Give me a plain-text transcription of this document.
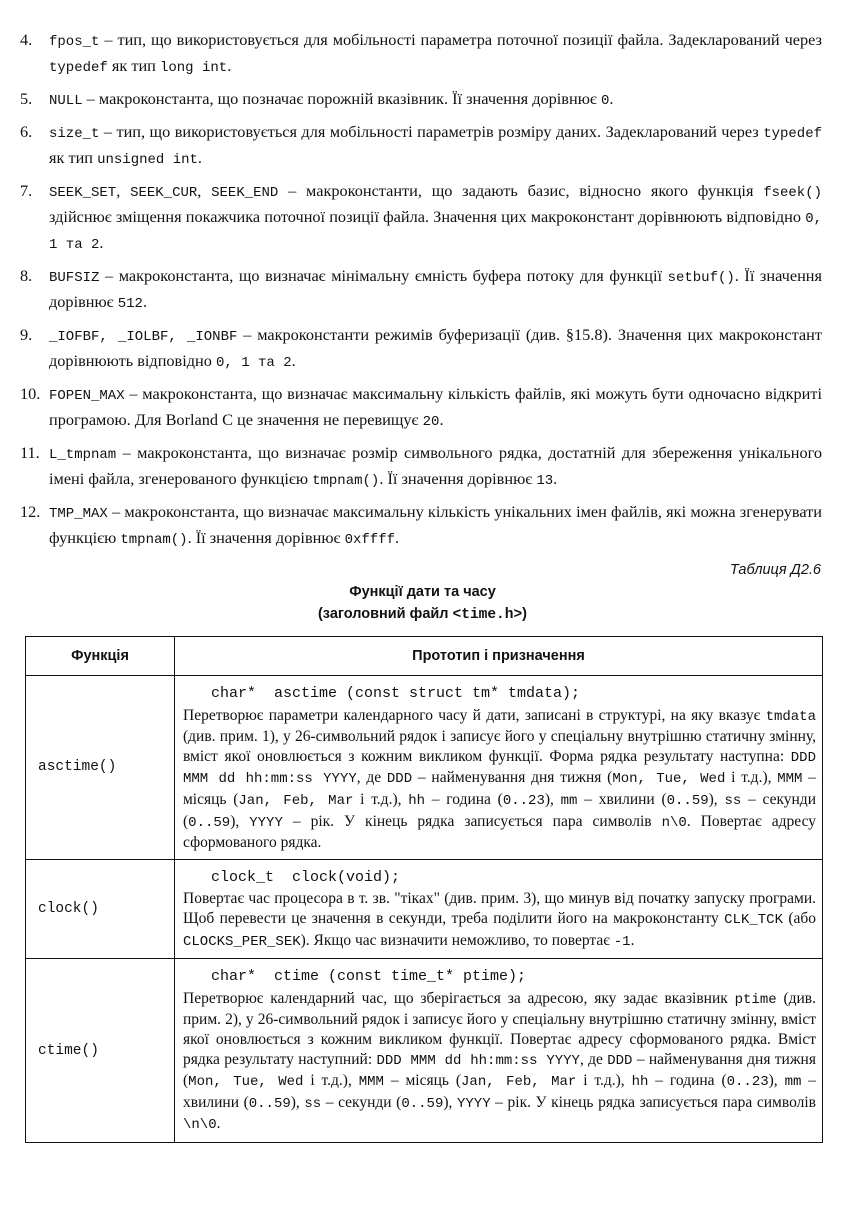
4.	fpos_t – тип, що використовується для мобільності параметра поточної позиції файла. Задекларований через typedef як тип long int.
5.	NULL – макроконстанта, що позначає порожній вказівник. Її значення дорівнює 0.
6.	size_t – тип, що використовується для мобільності параметрів розміру даних. Задекларований через typedef як тип unsigned int.
7.	SEEK_SET, SEEK_CUR, SEEK_END – макроконстанти, що задають базис, відносно якого функція fseek() здійснює зміщення покажчика поточної позиції файла. Значення цих макроконстант дорівнюють відповідно 0, 1 та 2.
8.	BUFSIZ – макроконстанта, що визначає мінімальну ємність буфера потоку для функції setbuf(). Її значення дорівнює 512.
9.	_IOFBF, _IOLBF, _IONBF – макроконстанти режимів буферизації (див. §15.8). Значення цих макроконстант дорівнюють відповідно 0, 1 та 2.
10. FOPEN_MAX – макроконстанта, що визначає максимальну кількість файлів, які можуть бути одночасно відкриті програмою. Для Borland C це значення не перевищує 20.
11. L_tmpnam – макроконстанта, що визначає розмір символьного рядка, достатній для збереження унікального імені файла, згенерованого функцією tmpnam(). Її значення дорівнює 13.
12. TMP_MAX – макроконстанта, що визначає максимальну кількість унікальних імен файлів, які можна згенерувати функцією tmpnam(). Її значення дорівнює 0xffff.
Таблиця Д2.6
Функції дати та часу
(заголовний файл <time.h>)
Функція	Прототип і призначення
asctime()	char*  asctime (const struct tm* tmdata);
Перетворює параметри календарного часу й дати, записані в структурі, на яку вказує tmdata (див. прим. 1), у 26-символьний рядок і записує його у спеціальну внутрішню статичну змінну, вміст якої оновлюється з кожним викликом функції. Форма рядка результату наступна: DDD MMM dd hh:mm:ss YYYY, де DDD – найменування дня тижня (Mon, Tue, Wed і т.д.), MMM – місяць (Jan, Feb, Mar і т.д.), hh – година (0..23), mm – хвилини (0..59), ss – секунди (0..59), YYYY – рік. У кінець рядка записується пара символів n\0. Повертає адресу сформованого рядка.

clock()	clock_t  clock(void);
Повертає час процесора в т. зв. "тіках" (див. прим. 3), що минув від початку запуску програми. Щоб перевести це значення в секунди, треба поділити його на макроконстанту CLK_TCK (або CLOCKS_PER_SEK). Якщо час визначити неможливо, то повертає -1.

ctime()	char*  ctime (const time_t* ptime);
Перетворює календарний час, що зберігається за адресою, яку задає вказівник ptime (див. прим. 2), у 26-символьний рядок і записує його у спеціальну внутрішню статичну змінну, вміст якої оновлюється з кожним викликом функції. Повертає адресу сформованого рядка. Вміст рядка результату наступний: DDD MMM dd hh:mm:ss YYYY, де DDD – найменування дня тижня (Mon, Tue, Wed і т.д.), MMM – місяць (Jan, Feb, Mar і т.д.), hh – година (0..23), mm – хвилини (0..59), ss – секунди (0..59), YYYY – рік. У кінець рядка записується пара символів \n\0.
